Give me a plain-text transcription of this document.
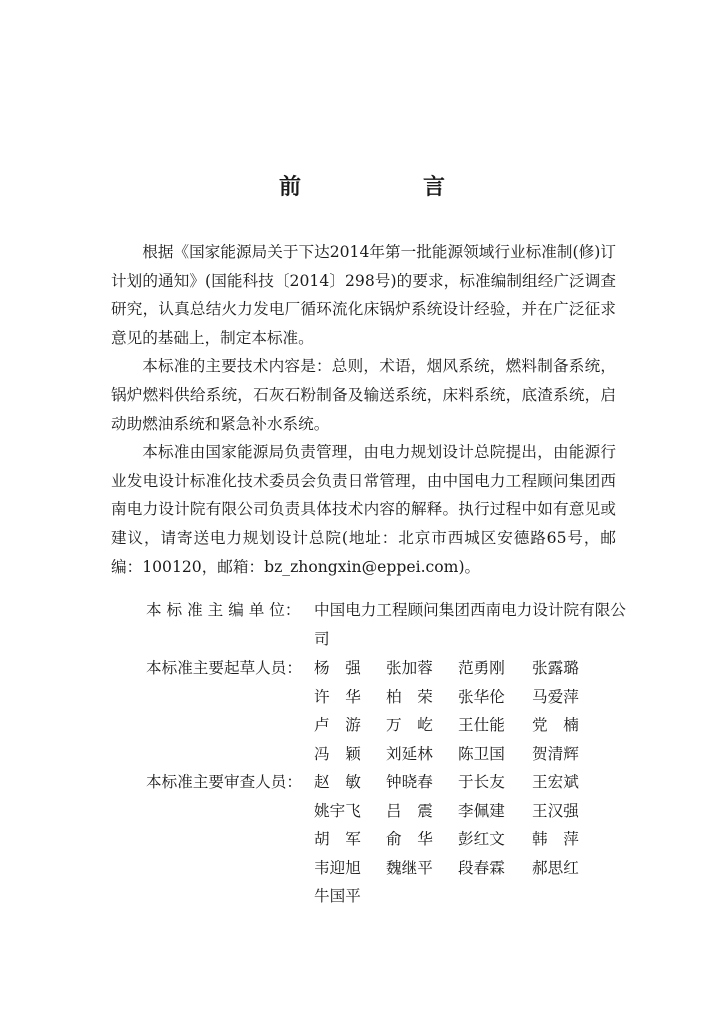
前　言

根据《国家能源局关于下达2014年第一批能源领域行业标准制(修)订计划的通知》(国能科技〔2014〕298号)的要求，标准编制组经广泛调查研究，认真总结火力发电厂循环流化床锅炉系统设计经验，并在广泛征求意见的基础上，制定本标准。

本标准的主要技术内容是：总则，术语，烟风系统，燃料制备系统，锅炉燃料供给系统，石灰石粉制备及输送系统，床料系统，底渣系统，启动助燃油系统和紧急补水系统。

本标准由国家能源局负责管理，由电力规划设计总院提出，由能源行业发电设计标准化技术委员会负责日常管理，由中国电力工程顾问集团西南电力设计院有限公司负责具体技术内容的解释。执行过程中如有意见或建议，请寄送电力规划设计总院(地址：北京市西城区安德路65号，邮编：100120，邮箱：bz_zhongxin@eppei.com)。

本 标 准 主 编 单 位： 中国电力工程顾问集团西南电力设计院有限公司
本标准主要起草人员： 杨　强	张加蓉	范勇刚	张露璐
许　华	柏　荣	张华伦	马爱萍
卢　游	万　屹	王仕能	党　楠
冯　颖	刘延林	陈卫国	贺清辉
本标准主要审查人员： 赵　敏	钟晓春	于长友	王宏斌
姚宇飞	吕　震	李佩建	王汉强
胡　军	俞　华	彭红文	韩　萍
韦迎旭	魏继平	段春霖	郝思红
牛国平
